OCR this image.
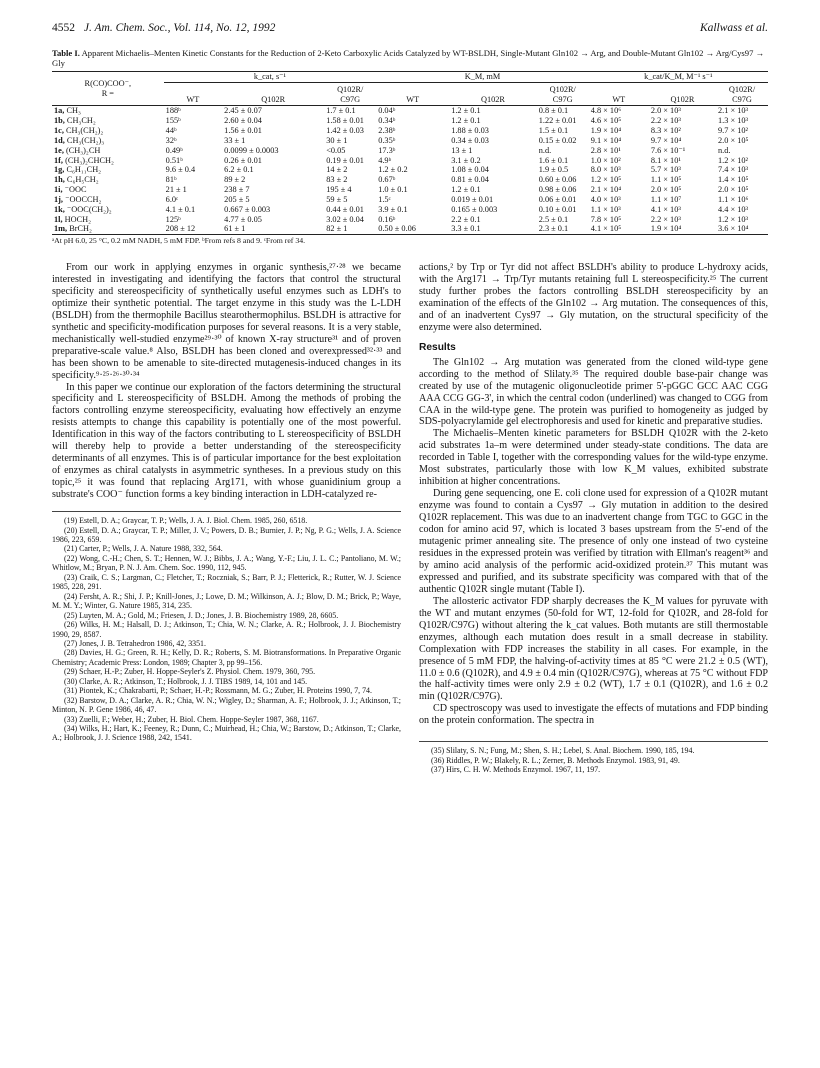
4552 J. Am. Chem. Soc., Vol. 114, No. 12, 1992	Kallwass et al.
Table I. Apparent Michaelis–Menten Kinetic Constants for the Reduction of 2-Keto Carboxylic Acids Catalyzed by WT-BSLDH, Single-Mutant Gln102 → Arg, and Double-Mutant Gln102 → Arg/Cys97 → Gly
R(CO)COO⁻,
R =	k_cat, s⁻¹			K_M, mM			k_cat/K_M, M⁻¹ s⁻¹		
	WT	Q102R	Q102R/ C97G	WT	Q102R	Q102R/ C97G	WT	Q102R	Q102R/ C97G
1a, CH₃	188ᵇ	2.45 ± 0.07	1.7 ± 0.1	0.04ᵇ	1.2 ± 0.1	0.8 ± 0.1	4.8 × 10⁶	2.0 × 10³	2.1 × 10³
1b, CH₃CH₂	155ᵇ	2.60 ± 0.04	1.58 ± 0.01	0.34ᵇ	1.2 ± 0.1	1.22 ± 0.01	4.6 × 10⁵	2.2 × 10³	1.3 × 10³
1c, CH₃(CH₂)₂	44ᵇ	1.56 ± 0.01	1.42 ± 0.03	2.38ᵇ	1.88 ± 0.03	1.5 ± 0.1	1.9 × 10⁴	8.3 × 10²	9.7 × 10²
1d, CH₃(CH₂)₃	32ᵇ	33 ± 1	30 ± 1	0.35ᵇ	0.34 ± 0.03	0.15 ± 0.02	9.1 × 10⁴	9.7 × 10⁴	2.0 × 10⁵
1e, (CH₃)₂CH	0.49ᵇ	0.0099 ± 0.0003	<0.05	17.3ᵇ	13 ± 1	n.d.	2.8 × 10¹	7.6 × 10⁻¹	n.d.
1f, (CH₃)₂CHCH₂	0.51ᵇ	0.26 ± 0.01	0.19 ± 0.01	4.9ᵇ	3.1 ± 0.2	1.6 ± 0.1	1.0 × 10²	8.1 × 10¹	1.2 × 10²
1g, C₆H₁₁CH₂	9.6 ± 0.4	6.2 ± 0.1	14 ± 2	1.2 ± 0.2	1.08 ± 0.04	1.9 ± 0.5	8.0 × 10³	5.7 × 10³	7.4 × 10³
1h, C₆H₅CH₂	81ᵇ	89 ± 2	83 ± 2	0.67ᵇ	0.81 ± 0.04	0.60 ± 0.06	1.2 × 10⁵	1.1 × 10⁵	1.4 × 10⁵
1i, ⁻OOC	21 ± 1	238 ± 7	195 ± 4	1.0 ± 0.1	1.2 ± 0.1	0.98 ± 0.06	2.1 × 10⁴	2.0 × 10⁵	2.0 × 10⁵
1j, ⁻OOCCH₂	6.0ᶜ	205 ± 5	59 ± 5	1.5ᶜ	0.019 ± 0.01	0.06 ± 0.01	4.0 × 10³	1.1 × 10⁷	1.1 × 10⁶
1k, ⁻OOC(CH₂)₂	4.1 ± 0.1	0.667 ± 0.003	0.44 ± 0.01	3.9 ± 0.1	0.165 ± 0.003	0.10 ± 0.01	1.1 × 10³	4.1 × 10³	4.4 × 10³
1l, HOCH₂	125ᵇ	4.77 ± 0.05	3.02 ± 0.04	0.16ᵇ	2.2 ± 0.1	2.5 ± 0.1	7.8 × 10⁵	2.2 × 10³	1.2 × 10³
1m, BrCH₂	208 ± 12	61 ± 1	82 ± 1	0.50 ± 0.06	3.3 ± 0.1	2.3 ± 0.1	4.1 × 10⁵	1.9 × 10⁴	3.6 × 10⁴
ᵃAt pH 6.0, 25 °C, 0.2 mM NADH, 5 mM FDP. ᵇFrom refs 8 and 9. ᶜFrom ref 34.

From our work in applying enzymes in organic synthesis,²⁷·²⁸ we became interested in investigating and identifying the factors that control the structural specificity and stereospecificity of synthetically useful enzymes such as LDH's to optimize their synthetic potential. The target enzyme in this study was the L-LDH (BSLDH) from the thermophile Bacillus stearothermophilus. BSLDH is attractive for synthetic and specificity-modification purposes for several reasons. It is a very stable, mechanistically well-studied enzyme²⁹·³⁰ of known X-ray structure³¹ and of proven preparative-scale value.⁸ Also, BSLDH has been cloned and overexpressed³²·³³ and has been shown to be amenable to site-directed mutagenesis-induced changes in its specificity.⁹·²⁵·²⁶·³⁰·³⁴

In this paper we continue our exploration of the factors determining the structural specificity and L stereospecificity of BSLDH. Among the methods of probing the factors controlling enzyme stereospecificity, evaluating how effectively an enzyme resists attempts to change this capability is potentially one of the most powerful. Identification in this way of the factors contributing to L stereospecificity of BSLDH will thereby help to provide a better understanding of the stereospecificity determinants of all enzymes. This is of particular importance for the best exploitation of enzymes as chiral catalysts in asymmetric syntheses. In a previous study on this topic,²⁵ it was found that replacing Arg171, with whose guanidinium group a substrate's COO⁻ function forms a key binding interaction in LDH-catalyzed re-

(19) Estell, D. A.; Graycar, T. P.; Wells, J. A. J. Biol. Chem. 1985, 260, 6518.

(20) Estell, D. A.; Graycar, T. P.; Miller, J. V.; Powers, D. B.; Burnier, J. P.; Ng, P. G.; Wells, J. A. Science 1986, 223, 659.

(21) Carter, P.; Wells, J. A. Nature 1988, 332, 564.

(22) Wong, C.-H.; Chen, S. T.; Hennen, W. J.; Bibbs, J. A.; Wang, Y.-F.; Liu, J. L. C.; Pantoliano, M. W.; Whitlow, M.; Bryan, P. N. J. Am. Chem. Soc. 1990, 112, 945.

(23) Craik, C. S.; Largman, C.; Fletcher, T.; Roczniak, S.; Barr, P. J.; Fletterick, R.; Rutter, W. J. Science 1985, 228, 291.

(24) Fersht, A. R.; Shi, J. P.; Knill-Jones, J.; Lowe, D. M.; Wilkinson, A. J.; Blow, D. M.; Brick, P.; Waye, M. M. Y.; Winter, G. Nature 1985, 314, 235.

(25) Luyten, M. A.; Gold, M.; Friesen, J. D.; Jones, J. B. Biochemistry 1989, 28, 6605.

(26) Wilks, H. M.; Halsall, D. J.; Atkinson, T.; Chia, W. N.; Clarke, A. R.; Holbrook, J. J. Biochemistry 1990, 29, 8587.

(27) Jones, J. B. Tetrahedron 1986, 42, 3351.

(28) Davies, H. G.; Green, R. H.; Kelly, D. R.; Roberts, S. M. Biotransformations. In Preparative Organic Chemistry; Academic Press: London, 1989; Chapter 3, pp 99–156.

(29) Schaer, H.-P.; Zuber, H. Hoppe-Seyler's Z. Physiol. Chem. 1979, 360, 795.

(30) Clarke, A. R.; Atkinson, T.; Holbrook, J. J. TIBS 1989, 14, 101 and 145.

(31) Piontek, K.; Chakrabarti, P.; Schaer, H.-P.; Rossmann, M. G.; Zuber, H. Proteins 1990, 7, 74.

(32) Barstow, D. A.; Clarke, A. R.; Chia, W. N.; Wigley, D.; Sharman, A. F.; Holbrook, J. J.; Atkinson, T.; Minton, N. P. Gene 1986, 46, 47.

(33) Zuelli, F.; Weber, H.; Zuber, H. Biol. Chem. Hoppe-Seyler 1987, 368, 1167.

(34) Wilks, H.; Hart, K.; Feeney, R.; Dunn, C.; Muirhead, H.; Chia, W.; Barstow, D.; Atkinson, T.; Clarke, A.; Holbrook, J. J. Science 1988, 242, 1541.

actions,² by Trp or Tyr did not affect BSLDH's ability to produce L-hydroxy acids, with the Arg171 → Trp/Tyr mutants retaining full L stereospecificity.²⁵ The current study further probes the factors controlling BSLDH stereospecificity by an examination of the effects of the Gln102 → Arg mutation. The consequences of this, and of an inadvertent Cys97 → Gly mutation, on the structural specificity of the enzyme were also determined.

Results

The Gln102 → Arg mutation was generated from the cloned wild-type gene according to the method of Slilaty.³⁵ The required double base-pair change was created by use of the mutagenic oligonucleotide primer 5'-pGGC GCC AAC CGG AAA CCG GG-3', in which the central codon (underlined) was changed to CGG from CAA in the wild-type gene. The protein was purified to homogeneity as judged by SDS-polyacrylamide gel electrophoresis and used for kinetic and preparative studies.

The Michaelis–Menten kinetic parameters for BSLDH Q102R with the 2-keto acid substrates 1a–m were determined under steady-state conditions. The data are recorded in Table I, together with the corresponding values for the wild-type enzyme. Most substrates, particularly those with low K_M values, exhibited substrate inhibition at higher concentrations.

During gene sequencing, one E. coli clone used for expression of a Q102R mutant enzyme was found to contain a Cys97 → Gly mutation in addition to the desired Q102R replacement. This was due to an inadvertent change from TGC to GGC in the codon for amino acid 97, which is located 3 bases upstream from the 5'-end of the mutagenic primer annealing site. The presence of only one instead of two cysteine residues in the expressed protein was verified by titration with Ellman's reagent³⁶ and by amino acid analysis of the performic acid-oxidized protein.³⁷ This mutant was expressed and purified, and its substrate specificity was compared with that of the authentic Q102R single mutant (Table I).

The allosteric activator FDP sharply decreases the K_M values for pyruvate with the WT and mutant enzymes (50-fold for WT, 12-fold for Q102R, and 28-fold for Q102R/C97G) without altering the k_cat values. Both mutants are still thermostable enzymes, although each mutation does result in a small decrease in stability. Complexation with FDP increases the stability in all cases. For example, in the presence of 5 mM FDP, the halving-of-activity times at 85 °C were 21.2 ± 0.5 (WT), 11.0 ± 0.6 (Q102R), and 4.9 ± 0.4 min (Q102R/C97G), whereas at 75 °C without FDP the half-activity times were only 2.9 ± 0.2 (WT), 1.7 ± 0.1 (Q102R), and 1.6 ± 0.2 min (Q102R/C97G).

CD spectroscopy was used to investigate the effects of mutations and FDP binding on the protein conformation. The spectra in

(35) Slilaty, S. N.; Fung, M.; Shen, S. H.; Lebel, S. Anal. Biochem. 1990, 185, 194.

(36) Riddles, P. W.; Blakely, R. L.; Zerner, B. Methods Enzymol. 1983, 91, 49.

(37) Hirs, C. H. W. Methods Enzymol. 1967, 11, 197.
